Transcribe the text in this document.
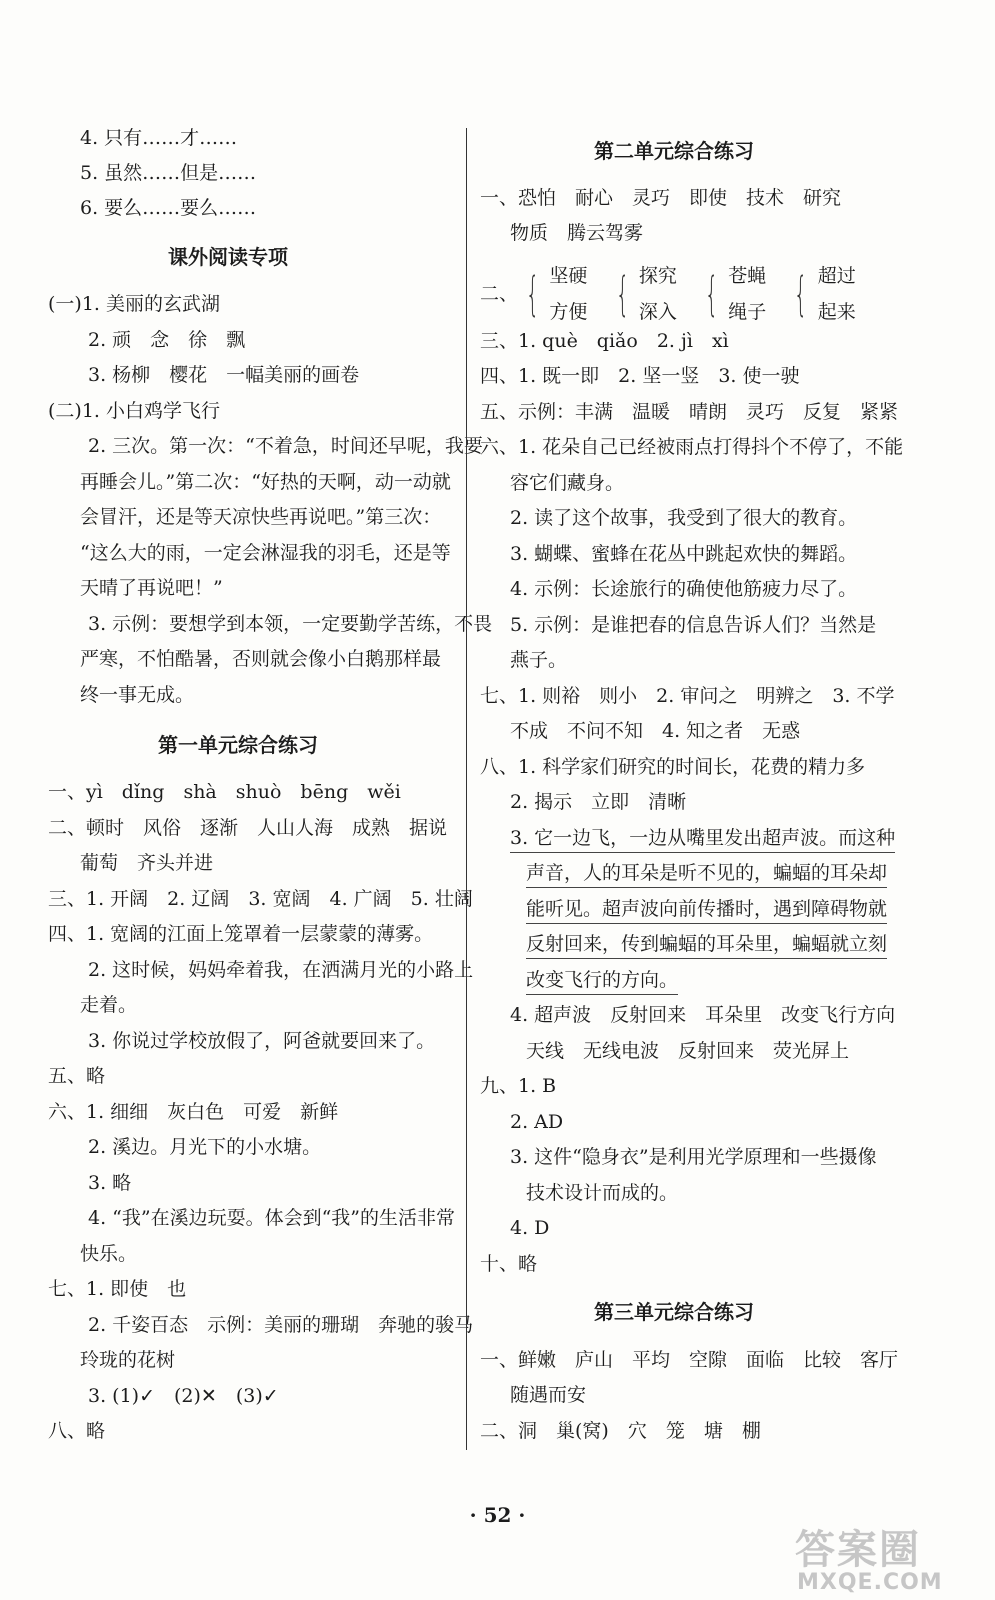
4. 只有……才……
5. 虽然……但是……
6. 要么……要么……
课外阅读专项
(一)1. 美丽的玄武湖
2. 顽　念　徐　飘
3. 杨柳　樱花　一幅美丽的画卷
(二)1. 小白鸡学飞行
2. 三次。第一次：“不着急，时间还早呢，我要
再睡会儿。”第二次：“好热的天啊，动一动就
会冒汗，还是等天凉快些再说吧。”第三次：
“这么大的雨，一定会淋湿我的羽毛，还是等
天晴了再说吧！”
3. 示例：要想学到本领，一定要勤学苦练，不畏
严寒，不怕酷暑，否则就会像小白鹅那样最
终一事无成。
第一单元综合练习
一、yì　dǐng　shà　shuò　bēng　wěi
二、顿时　风俗　逐渐　人山人海　成熟　据说
葡萄　齐头并进
三、1. 开阔　2. 辽阔　3. 宽阔　4. 广阔　5. 壮阔
四、1. 宽阔的江面上笼罩着一层蒙蒙的薄雾。
2. 这时候，妈妈牵着我，在洒满月光的小路上
走着。
3. 你说过学校放假了，阿爸就要回来了。
五、略
六、1. 细细　灰白色　可爱　新鲜
2. 溪边。月光下的小水塘。
3. 略
4. “我”在溪边玩耍。体会到“我”的生活非常
快乐。
七、1. 即使　也
2. 千姿百态　示例：美丽的珊瑚　奔驰的骏马
玲珑的花树
3. (1)✓　(2)✕　(3)✓
八、略
第二单元综合练习
一、恐怕　耐心　灵巧　即使　技术　研究
物质　腾云驾雾
二、 { 坚硬
方便 { 探究
深入 { 苍蝇
绳子 { 超过
起来
三、1. què　qiǎo　2. jì　xì
四、1. 既一即　2. 坚一竖　3. 使一驶
五、示例：丰满　温暖　晴朗　灵巧　反复　紧紧
六、1. 花朵自己已经被雨点打得抖个不停了，不能
容它们藏身。
2. 读了这个故事，我受到了很大的教育。
3. 蝴蝶、蜜蜂在花丛中跳起欢快的舞蹈。
4. 示例：长途旅行的确使他筋疲力尽了。
5. 示例：是谁把春的信息告诉人们？当然是
燕子。
七、1. 则裕　则小　2. 审问之　明辨之　3. 不学
不成　不问不知　4. 知之者　无惑
八、1. 科学家们研究的时间长，花费的精力多
2. 揭示　立即　清晰
3. 它一边飞，一边从嘴里发出超声波。而这种
声音，人的耳朵是听不见的，蝙蝠的耳朵却
能听见。超声波向前传播时，遇到障碍物就
反射回来，传到蝙蝠的耳朵里，蝙蝠就立刻
改变飞行的方向。
4. 超声波　反射回来　耳朵里　改变飞行方向
天线　无线电波　反射回来　荧光屏上
九、1. B
2. AD
3. 这件“隐身衣”是利用光学原理和一些摄像
技术设计而成的。
4. D
十、略
第三单元综合练习
一、鲜嫩　庐山　平均　空隙　面临　比较　客厅
随遇而安
二、洞　巢(窝)　穴　笼　塘　棚
· 52 ·
答案圈
MXQE.COM
